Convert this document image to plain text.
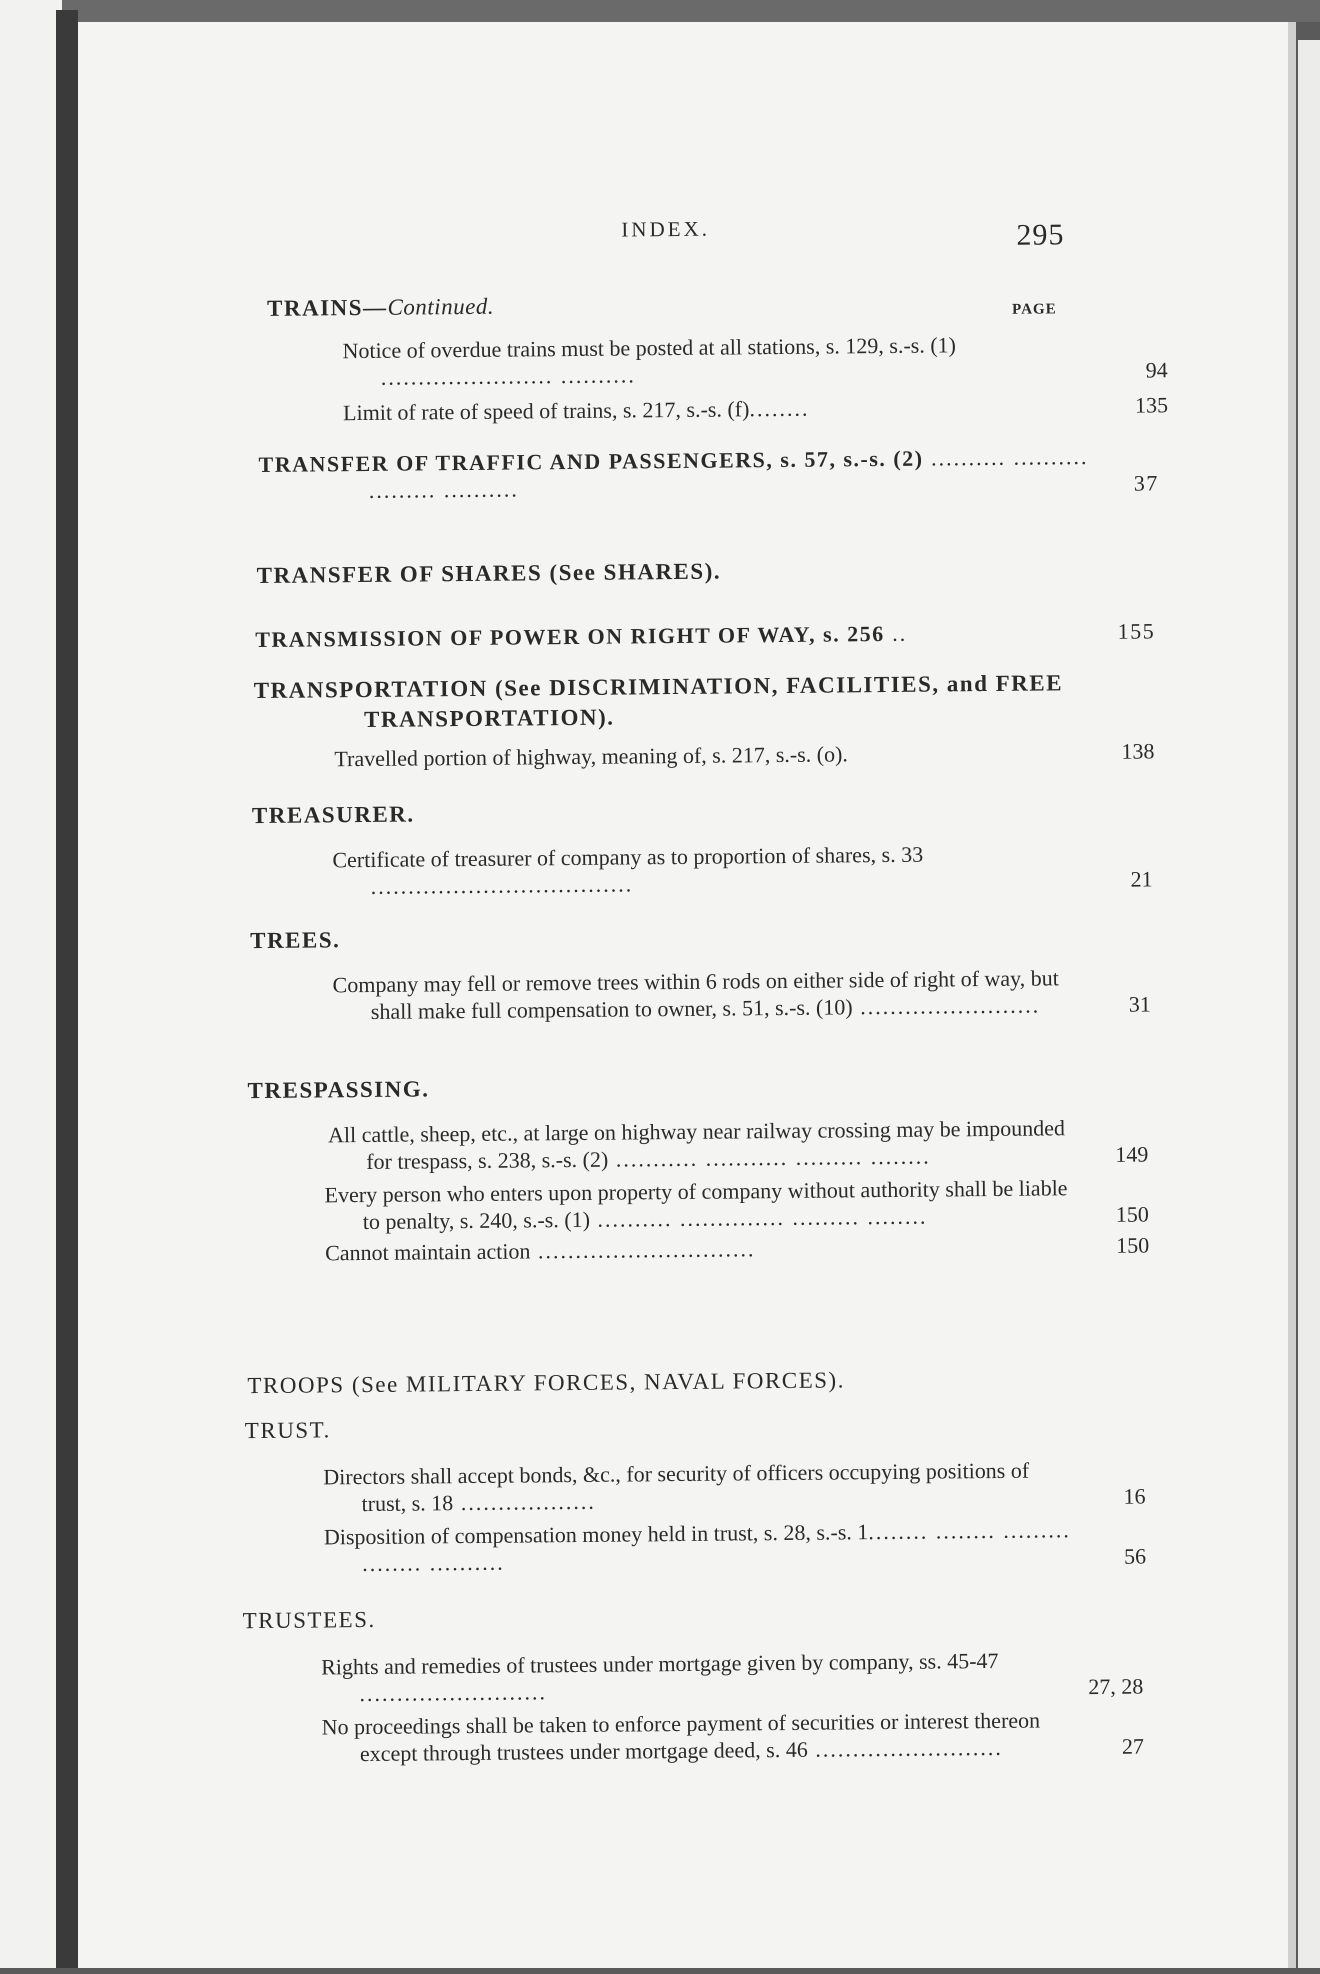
INDEX.	295
PAGE
TRAINS—Continued.
Notice of overdue trains must be posted at all stations, s. 129, s.-s. (1) ....................... ..........	94
Limit of rate of speed of trains, s. 217, s.-s. (f)........	135
TRANSFER OF TRAFFIC AND PASSENGERS, s. 57, s.-s. (2) .......... .......... ......... ..........	37
TRANSFER OF SHARES (See SHARES).
TRANSMISSION OF POWER ON RIGHT OF WAY, s. 256 ..	155
TRANSPORTATION (See DISCRIMINATION, FACILITIES, and FREE TRANSPORTATION).
Travelled portion of highway, meaning of, s. 217, s.-s. (o).	138
TREASURER.
Certificate of treasurer of company as to proportion of shares, s. 33 ...................................	21
TREES.
Company may fell or remove trees within 6 rods on either side of right of way, but shall make full compensation to owner, s. 51, s.-s. (10) ........................	31
TRESPASSING.
All cattle, sheep, etc., at large on highway near railway crossing may be impounded for trespass, s. 238, s.-s. (2) ........... ........... ......... ........	149
Every person who enters upon property of company without authority shall be liable to penalty, s. 240, s.-s. (1) .......... .............. ......... ........	150
Cannot maintain action .............................	150
TROOPS (See MILITARY FORCES, NAVAL FORCES).
TRUST.
Directors shall accept bonds, &c., for security of officers occupying positions of trust, s. 18 ..................	16
Disposition of compensation money held in trust, s. 28, s.-s. 1........ ........ ......... ........ ..........	56
TRUSTEES.
Rights and remedies of trustees under mortgage given by company, ss. 45-47 .........................	27, 28
No proceedings shall be taken to enforce payment of securities or interest thereon except through trustees under mortgage deed, s. 46 .........................	27
